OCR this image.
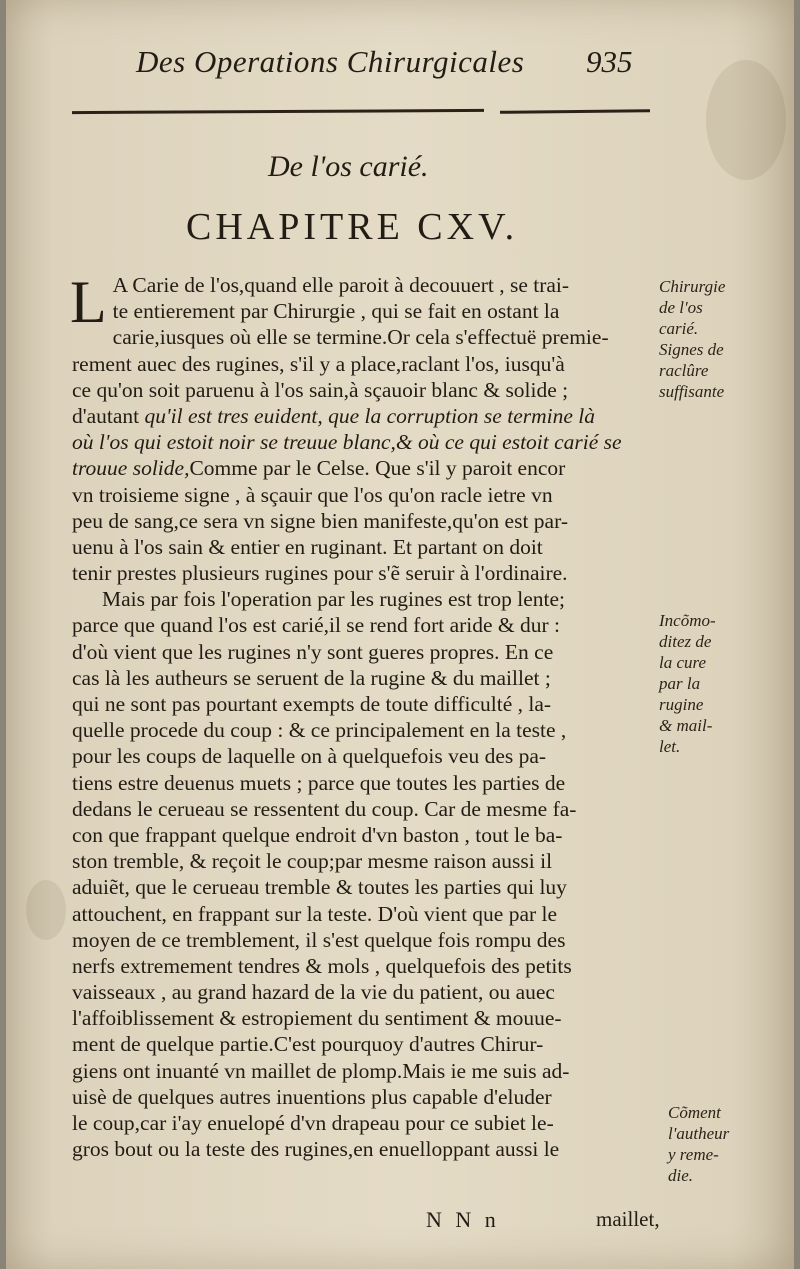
Des Operations Chirurgicales 935
De l'os carié.
CHAPITRE CXV.
L A Carie de l'os,quand elle paroit à decouuert , se trai-
te entierement par Chirurgie , qui se fait en ostant la
carie,iusques où elle se termine.Or cela s'effectuë premie-
rement auec des rugines, s'il y a place,raclant l'os, iusqu'à
ce qu'on soit paruenu à l'os sain,à sçauoir blanc & solide ;
d'autant qu'il est tres euident, que la corruption se termine là
où l'os qui estoit noir se treuue blanc,& où ce qui estoit carié se
trouue solide,Comme par le Celse. Que s'il y paroit encor
vn troisieme signe , à sçauir que l'os qu'on racle ietre vn
peu de sang,ce sera vn signe bien manifeste,qu'on est par-
uenu à l'os sain & entier en ruginant. Et partant on doit
tenir prestes plusieurs rugines pour s'ẽ seruir à l'ordinaire.
Mais par fois l'operation par les rugines est trop lente;
parce que quand l'os est carié,il se rend fort aride & dur :
d'où vient que les rugines n'y sont gueres propres. En ce
cas là les autheurs se seruent de la rugine & du maillet ;
qui ne sont pas pourtant exempts de toute difficulté , la-
quelle procede du coup : & ce principalement en la teste ,
pour les coups de laquelle on à quelquefois veu des pa-
tiens estre deuenus muets ; parce que toutes les parties de
dedans le cerueau se ressentent du coup. Car de mesme fa-
con que frappant quelque endroit d'vn baston , tout le ba-
ston tremble, & reçoit le coup;par mesme raison aussi il
aduiẽt, que le cerueau tremble & toutes les parties qui luy
attouchent, en frappant sur la teste. D'où vient que par le
moyen de ce tremblement, il s'est quelque fois rompu des
nerfs extremement tendres & mols , quelquefois des petits
vaisseaux , au grand hazard de la vie du patient, ou auec
l'affoiblissement & estropiement du sentiment & mouue-
ment de quelque partie.C'est pourquoy d'autres Chirur-
giens ont inuanté vn maillet de plomp.Mais ie me suis ad-
uisè de quelques autres inuentions plus capable d'eluder
le coup,car i'ay enuelopé d'vn drapeau pour ce subiet le-
gros bout ou la teste des rugines,en enuelloppant aussi le
Chirurgie
de l'os
carié.
Signes de
raclûre
suffisante
Incõmo-
ditez de
la cure
par la
rugine
& mail-
let.
Cõment
l'autheur
y reme-
die.
N N n	maillet,
